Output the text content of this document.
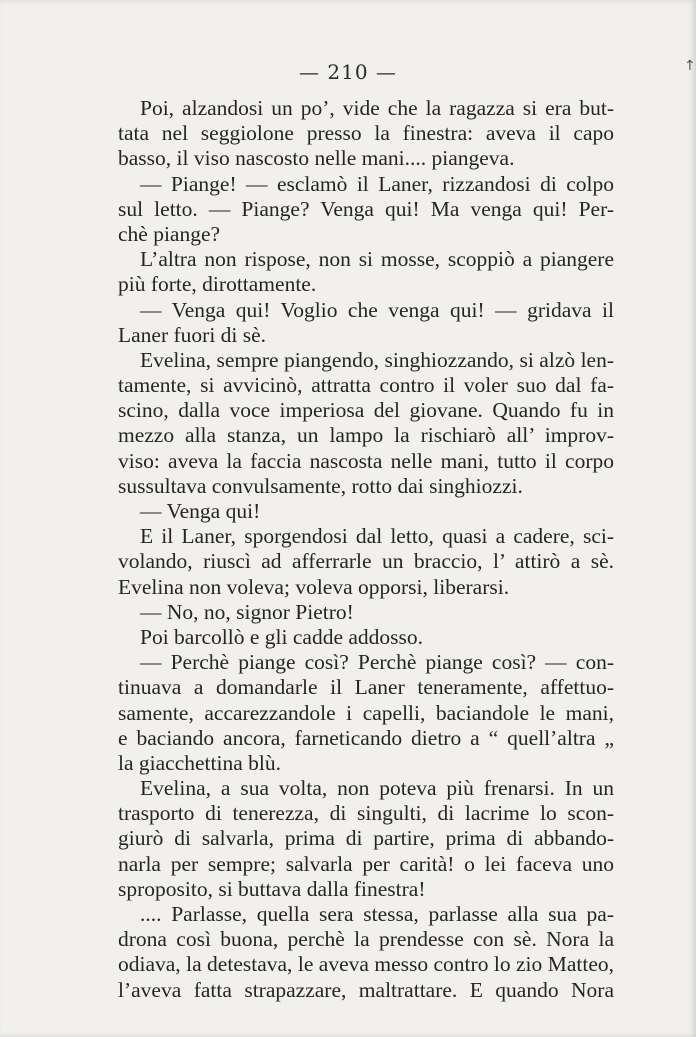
— 210 —
Poi, alzandosi un po’, vide che la ragazza si era but-
tata nel seggiolone presso la finestra: aveva il capo
basso, il viso nascosto nelle mani.... piangeva.
— Piange! — esclamò il Laner, rizzandosi di colpo
sul letto. — Piange? Venga qui! Ma venga qui! Per-
chè piange?
L’altra non rispose, non si mosse, scoppiò a piangere
più forte, dirottamente.
— Venga qui! Voglio che venga qui! — gridava il
Laner fuori di sè.
Evelina, sempre piangendo, singhiozzando, si alzò len-
tamente, si avvicinò, attratta contro il voler suo dal fa-
scino, dalla voce imperiosa del giovane. Quando fu in
mezzo alla stanza, un lampo la rischiarò all’ improv-
viso: aveva la faccia nascosta nelle mani, tutto il corpo
sussultava convulsamente, rotto dai singhiozzi.
— Venga qui!
E il Laner, sporgendosi dal letto, quasi a cadere, sci-
volando, riuscì ad afferrarle un braccio, l’ attirò a sè.
Evelina non voleva; voleva opporsi, liberarsi.
— No, no, signor Pietro!
Poi barcollò e gli cadde addosso.
— Perchè piange così? Perchè piange così? — con-
tinuava a domandarle il Laner teneramente, affettuo-
samente, accarezzandole i capelli, baciandole le mani,
e baciando ancora, farneticando dietro a “ quell’altra „
la giacchettina blù.
Evelina, a sua volta, non poteva più frenarsi. In un
trasporto di tenerezza, di singulti, di lacrime lo scon-
giurò di salvarla, prima di partire, prima di abbando-
narla per sempre; salvarla per carità! o lei faceva uno
sproposito, si buttava dalla finestra!
.... Parlasse, quella sera stessa, parlasse alla sua pa-
drona così buona, perchè la prendesse con sè. Nora la
odiava, la detestava, le aveva messo contro lo zio Matteo,
l’aveva fatta strapazzare, maltrattare. E quando Nora
↑
